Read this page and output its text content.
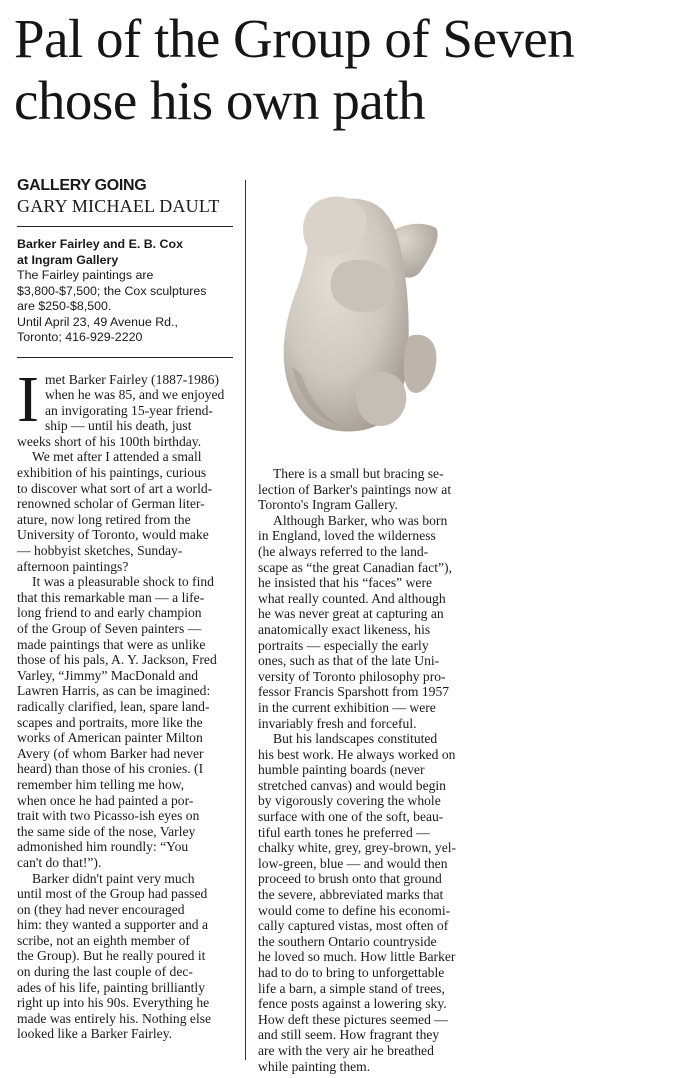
Pal of the Group of Seven
chose his own path
GALLERY GOING
GARY MICHAEL DAULT
Barker Fairley and E. B. Cox
at Ingram Gallery
The Fairley paintings are
$3,800-$7,500; the Cox sculptures
are $250-$8,500.
Until April 23, 49 Avenue Rd.,
Toronto; 416-929-2220

I met Barker Fairley (1887-1986)
when he was 85, and we enjoyed
an invigorating 15-year friend-
ship — until his death, just
weeks short of his 100th birthday.

We met after I attended a small
exhibition of his paintings, curious
to discover what sort of art a world-
renowned scholar of German liter-
ature, now long retired from the
University of Toronto, would make
— hobbyist sketches, Sunday-
afternoon paintings?

It was a pleasurable shock to find
that this remarkable man — a life-
long friend to and early champion
of the Group of Seven painters —
made paintings that were as unlike
those of his pals, A. Y. Jackson, Fred
Varley, “Jimmy” MacDonald and
Lawren Harris, as can be imagined:
radically clarified, lean, spare land-
scapes and portraits, more like the
works of American painter Milton
Avery (of whom Barker had never
heard) than those of his cronies. (I
remember him telling me how,
when once he had painted a por-
trait with two Picasso-ish eyes on
the same side of the nose, Varley
admonished him roundly: “You
can't do that!”).

Barker didn't paint very much
until most of the Group had passed
on (they had never encouraged
him: they wanted a supporter and a
scribe, not an eighth member of
the Group). But he really poured it
on during the last couple of dec-
ades of his life, painting brilliantly
right up into his 90s. Everything he
made was entirely his. Nothing else
looked like a Barker Fairley.

There is a small but bracing se-
lection of Barker's paintings now at
Toronto's Ingram Gallery.

Although Barker, who was born
in England, loved the wilderness
(he always referred to the land-
scape as “the great Canadian fact”),
he insisted that his “faces” were
what really counted. And although
he was never great at capturing an
anatomically exact likeness, his
portraits — especially the early
ones, such as that of the late Uni-
versity of Toronto philosophy pro-
fessor Francis Sparshott from 1957
in the current exhibition — were
invariably fresh and forceful.

But his landscapes constituted
his best work. He always worked on
humble painting boards (never
stretched canvas) and would begin
by vigorously covering the whole
surface with one of the soft, beau-
tiful earth tones he preferred —
chalky white, grey, grey-brown, yel-
low-green, blue — and would then
proceed to brush onto that ground
the severe, abbreviated marks that
would come to define his economi-
cally captured vistas, most often of
the southern Ontario countryside
he loved so much. How little Barker
had to do to bring to unforgettable
life a barn, a simple stand of trees,
fence posts against a lowering sky.
How deft these pictures seemed —
and still seem. How fragrant they
are with the very air he breathed
while painting them.
